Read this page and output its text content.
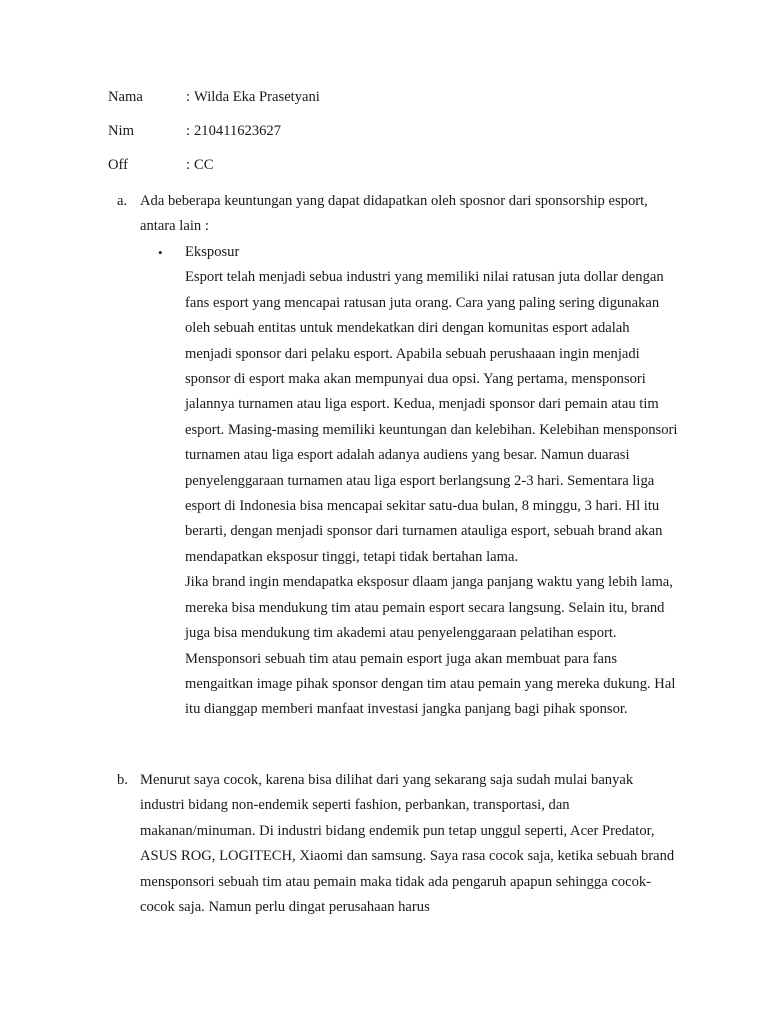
Nama	: Wilda Eka Prasetyani
Nim	: 210411623627
Off	: CC
a. Ada beberapa keuntungan yang dapat didapatkan oleh sposnor dari sponsorship esport, antara lain :
• Eksposur

Esport telah menjadi sebua industri yang memiliki nilai ratusan juta dollar dengan fans esport yang mencapai ratusan juta orang. Cara yang paling sering digunakan oleh sebuah entitas untuk mendekatkan diri dengan komunitas esport adalah menjadi sponsor dari pelaku esport. Apabila sebuah perushaaan ingin menjadi sponsor di esport maka akan mempunyai dua opsi. Yang pertama, mensponsori jalannya turnamen atau liga esport. Kedua, menjadi sponsor dari pemain atau tim esport. Masing-masing memiliki keuntungan dan kelebihan. Kelebihan mensponsori turnamen atau liga esport adalah adanya audiens yang besar. Namun duarasi penyelenggaraan turnamen atau liga esport berlangsung 2-3 hari. Sementara liga esport di Indonesia bisa mencapai sekitar satu-dua bulan, 8 minggu, 3 hari. Hl itu berarti, dengan menjadi sponsor dari turnamen atauliga esport, sebuah brand akan mendapatkan eksposur tinggi, tetapi tidak bertahan lama.

Jika brand ingin mendapatka eksposur dlaam janga panjang waktu yang lebih lama, mereka bisa mendukung tim atau pemain esport secara langsung. Selain itu, brand juga bisa mendukung tim akademi atau penyelenggaraan pelatihan esport. Mensponsori sebuah tim atau pemain esport juga akan membuat para fans mengaitkan image pihak sponsor dengan tim atau pemain yang mereka dukung. Hal itu dianggap memberi manfaat investasi jangka panjang bagi pihak sponsor.

b. Menurut saya cocok, karena bisa dilihat dari yang sekarang saja sudah mulai banyak industri bidang non-endemik seperti fashion, perbankan, transportasi, dan makanan/minuman. Di industri bidang endemik pun tetap unggul seperti, Acer Predator, ASUS ROG, LOGITECH, Xiaomi dan samsung. Saya rasa cocok saja, ketika sebuah brand mensponsori sebuah tim atau pemain maka tidak ada pengaruh apapun sehingga cocok-cocok saja. Namun perlu dingat perusahaan harus
